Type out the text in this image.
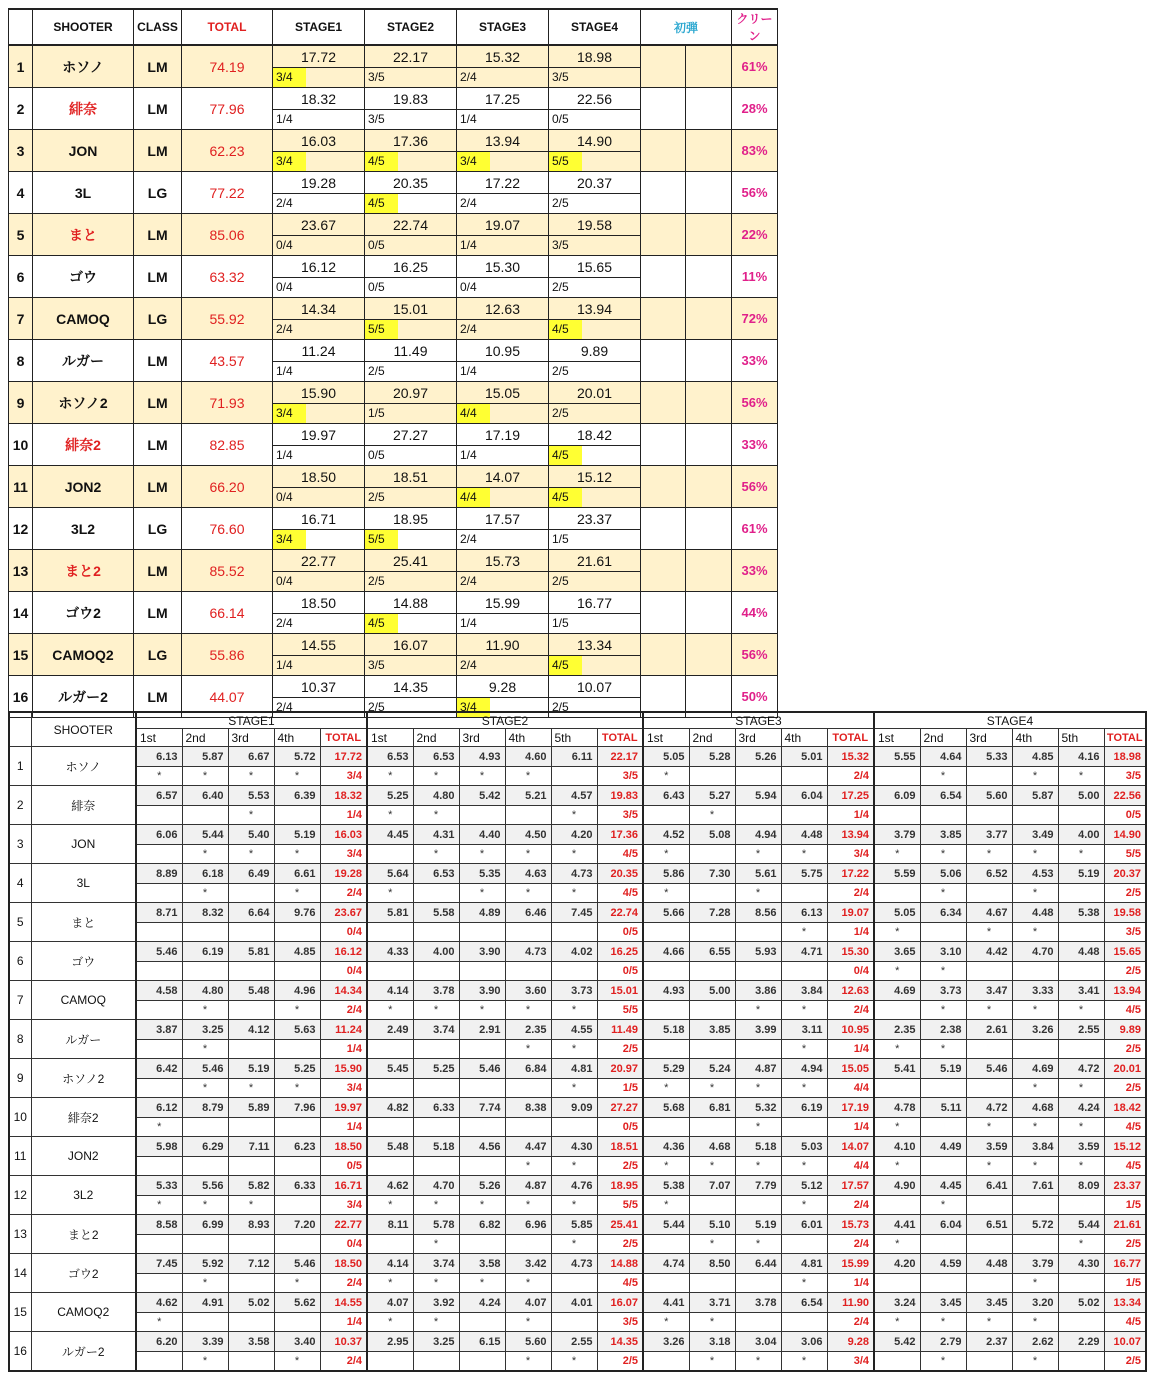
	SHOOTER	CLASS	TOTAL	STAGE1	STAGE2	STAGE3	STAGE4	初弾		クリーン
1	ホソノ	LM	74.19	17.72	22.17	15.32	18.98			61%
				3/4	3/5	2/4	3/5			
2	緋奈	LM	77.96	18.32	19.83	17.25	22.56			28%
				1/4	3/5	1/4	0/5			
3	JON	LM	62.23	16.03	17.36	13.94	14.90			83%
				3/4	4/5	3/4	5/5			
4	3L	LG	77.22	19.28	20.35	17.22	20.37			56%
				2/4	4/5	2/4	2/5			
5	まと	LM	85.06	23.67	22.74	19.07	19.58			22%
				0/4	0/5	1/4	3/5			
6	ゴウ	LM	63.32	16.12	16.25	15.30	15.65			11%
				0/4	0/5	0/4	2/5			
7	CAMOQ	LG	55.92	14.34	15.01	12.63	13.94			72%
				2/4	5/5	2/4	4/5			
8	ルガー	LM	43.57	11.24	11.49	10.95	9.89			33%
				1/4	2/5	1/4	2/5			
9	ホソノ2	LM	71.93	15.90	20.97	15.05	20.01			56%
				3/4	1/5	4/4	2/5			
10	緋奈2	LM	82.85	19.97	27.27	17.19	18.42			33%
				1/4	0/5	1/4	4/5			
11	JON2	LM	66.20	18.50	18.51	14.07	15.12			56%
				0/4	2/5	4/4	4/5			
12	3L2	LG	76.60	16.71	18.95	17.57	23.37			61%
				3/4	5/5	2/4	1/5			
13	まと2	LM	85.52	22.77	25.41	15.73	21.61			33%
				0/4	2/5	2/4	2/5			
14	ゴウ2	LM	66.14	18.50	14.88	15.99	16.77			44%
				2/4	4/5	1/4	1/5			
15	CAMOQ2	LG	55.86	14.55	16.07	11.90	13.34			56%
				1/4	3/5	2/4	4/5			
16	ルガー2	LM	44.07	10.37	14.35	9.28	10.07			50%
				2/4	2/5	3/4	2/5			
	SHOOTER	STAGE1					STAGE2						STAGE3					STAGE4					
		1st	2nd	3rd	4th	TOTAL	1st	2nd	3rd	4th	5th	TOTAL	1st	2nd	3rd	4th	TOTAL	1st	2nd	3rd	4th	5th	TOTAL
1	ホソノ	6.13	5.87	6.67	5.72	17.72	6.53	6.53	4.93	4.60	6.11	22.17	5.05	5.28	5.26	5.01	15.32	5.55	4.64	5.33	4.85	4.16	18.98
		*	*	*	*	3/4	*	*	*	*		3/5	*				2/4		*		*	*	3/5
2	緋奈	6.57	6.40	5.53	6.39	18.32	5.25	4.80	5.42	5.21	4.57	19.83	6.43	5.27	5.94	6.04	17.25	6.09	6.54	5.60	5.87	5.00	22.56
				*		1/4	*	*			*	3/5		*			1/4						0/5
3	JON	6.06	5.44	5.40	5.19	16.03	4.45	4.31	4.40	4.50	4.20	17.36	4.52	5.08	4.94	4.48	13.94	3.79	3.85	3.77	3.49	4.00	14.90
			*	*	*	3/4		*	*	*	*	4/5	*		*	*	3/4	*	*	*	*	*	5/5
4	3L	8.89	6.18	6.49	6.61	19.28	5.64	6.53	5.35	4.63	4.73	20.35	5.86	7.30	5.61	5.75	17.22	5.59	5.06	6.52	4.53	5.19	20.37
			*		*	2/4	*		*	*	*	4/5	*		*		2/4		*		*		2/5
5	まと	8.71	8.32	6.64	9.76	23.67	5.81	5.58	4.89	6.46	7.45	22.74	5.66	7.28	8.56	6.13	19.07	5.05	6.34	4.67	4.48	5.38	19.58
						0/4						0/5				*	1/4	*		*	*		3/5
6	ゴウ	5.46	6.19	5.81	4.85	16.12	4.33	4.00	3.90	4.73	4.02	16.25	4.66	6.55	5.93	4.71	15.30	3.65	3.10	4.42	4.70	4.48	15.65
						0/4						0/5					0/4	*	*				2/5
7	CAMOQ	4.58	4.80	5.48	4.96	14.34	4.14	3.78	3.90	3.60	3.73	15.01	4.93	5.00	3.86	3.84	12.63	4.69	3.73	3.47	3.33	3.41	13.94
			*		*	2/4	*	*	*	*	*	5/5			*	*	2/4		*	*	*	*	4/5
8	ルガー	3.87	3.25	4.12	5.63	11.24	2.49	3.74	2.91	2.35	4.55	11.49	5.18	3.85	3.99	3.11	10.95	2.35	2.38	2.61	3.26	2.55	9.89
			*			1/4				*	*	2/5				*	1/4	*	*				2/5
9	ホソノ2	6.42	5.46	5.19	5.25	15.90	5.45	5.25	5.46	6.84	4.81	20.97	5.29	5.24	4.87	4.94	15.05	5.41	5.19	5.46	4.69	4.72	20.01
			*	*	*	3/4					*	1/5	*	*	*	*	4/4				*	*	2/5
10	緋奈2	6.12	8.79	5.89	7.96	19.97	4.82	6.33	7.74	8.38	9.09	27.27	5.68	6.81	5.32	6.19	17.19	4.78	5.11	4.72	4.68	4.24	18.42
		*				1/4						0/5			*		1/4	*		*	*	*	4/5
11	JON2	5.98	6.29	7.11	6.23	18.50	5.48	5.18	4.56	4.47	4.30	18.51	4.36	4.68	5.18	5.03	14.07	4.10	4.49	3.59	3.84	3.59	15.12
						0/5				*	*	2/5	*	*	*	*	4/4	*		*	*	*	4/5
12	3L2	5.33	5.56	5.82	6.33	16.71	4.62	4.70	5.26	4.87	4.76	18.95	5.38	7.07	7.79	5.12	17.57	4.90	4.45	6.41	7.61	8.09	23.37
		*	*	*		3/4	*	*	*	*	*	5/5	*			*	2/4		*				1/5
13	まと2	8.58	6.99	8.93	7.20	22.77	8.11	5.78	6.82	6.96	5.85	25.41	5.44	5.10	5.19	6.01	15.73	4.41	6.04	6.51	5.72	5.44	21.61
						0/4		*			*	2/5		*	*		2/4	*				*	2/5
14	ゴウ2	7.45	5.92	7.12	5.46	18.50	4.14	3.74	3.58	3.42	4.73	14.88	4.74	8.50	6.44	4.81	15.99	4.20	4.59	4.48	3.79	4.30	16.77
			*		*	2/4	*	*	*	*		4/5				*	1/4				*		1/5
15	CAMOQ2	4.62	4.91	5.02	5.62	14.55	4.07	3.92	4.24	4.07	4.01	16.07	4.41	3.71	3.78	6.54	11.90	3.24	3.45	3.45	3.20	5.02	13.34
		*				1/4	*	*		*		3/5	*	*			2/4	*	*	*	*		4/5
16	ルガー2	6.20	3.39	3.58	3.40	10.37	2.95	3.25	6.15	5.60	2.55	14.35	3.26	3.18	3.04	3.06	9.28	5.42	2.79	2.37	2.62	2.29	10.07
			*		*	2/4				*	*	2/5		*	*	*	3/4		*		*		2/5
